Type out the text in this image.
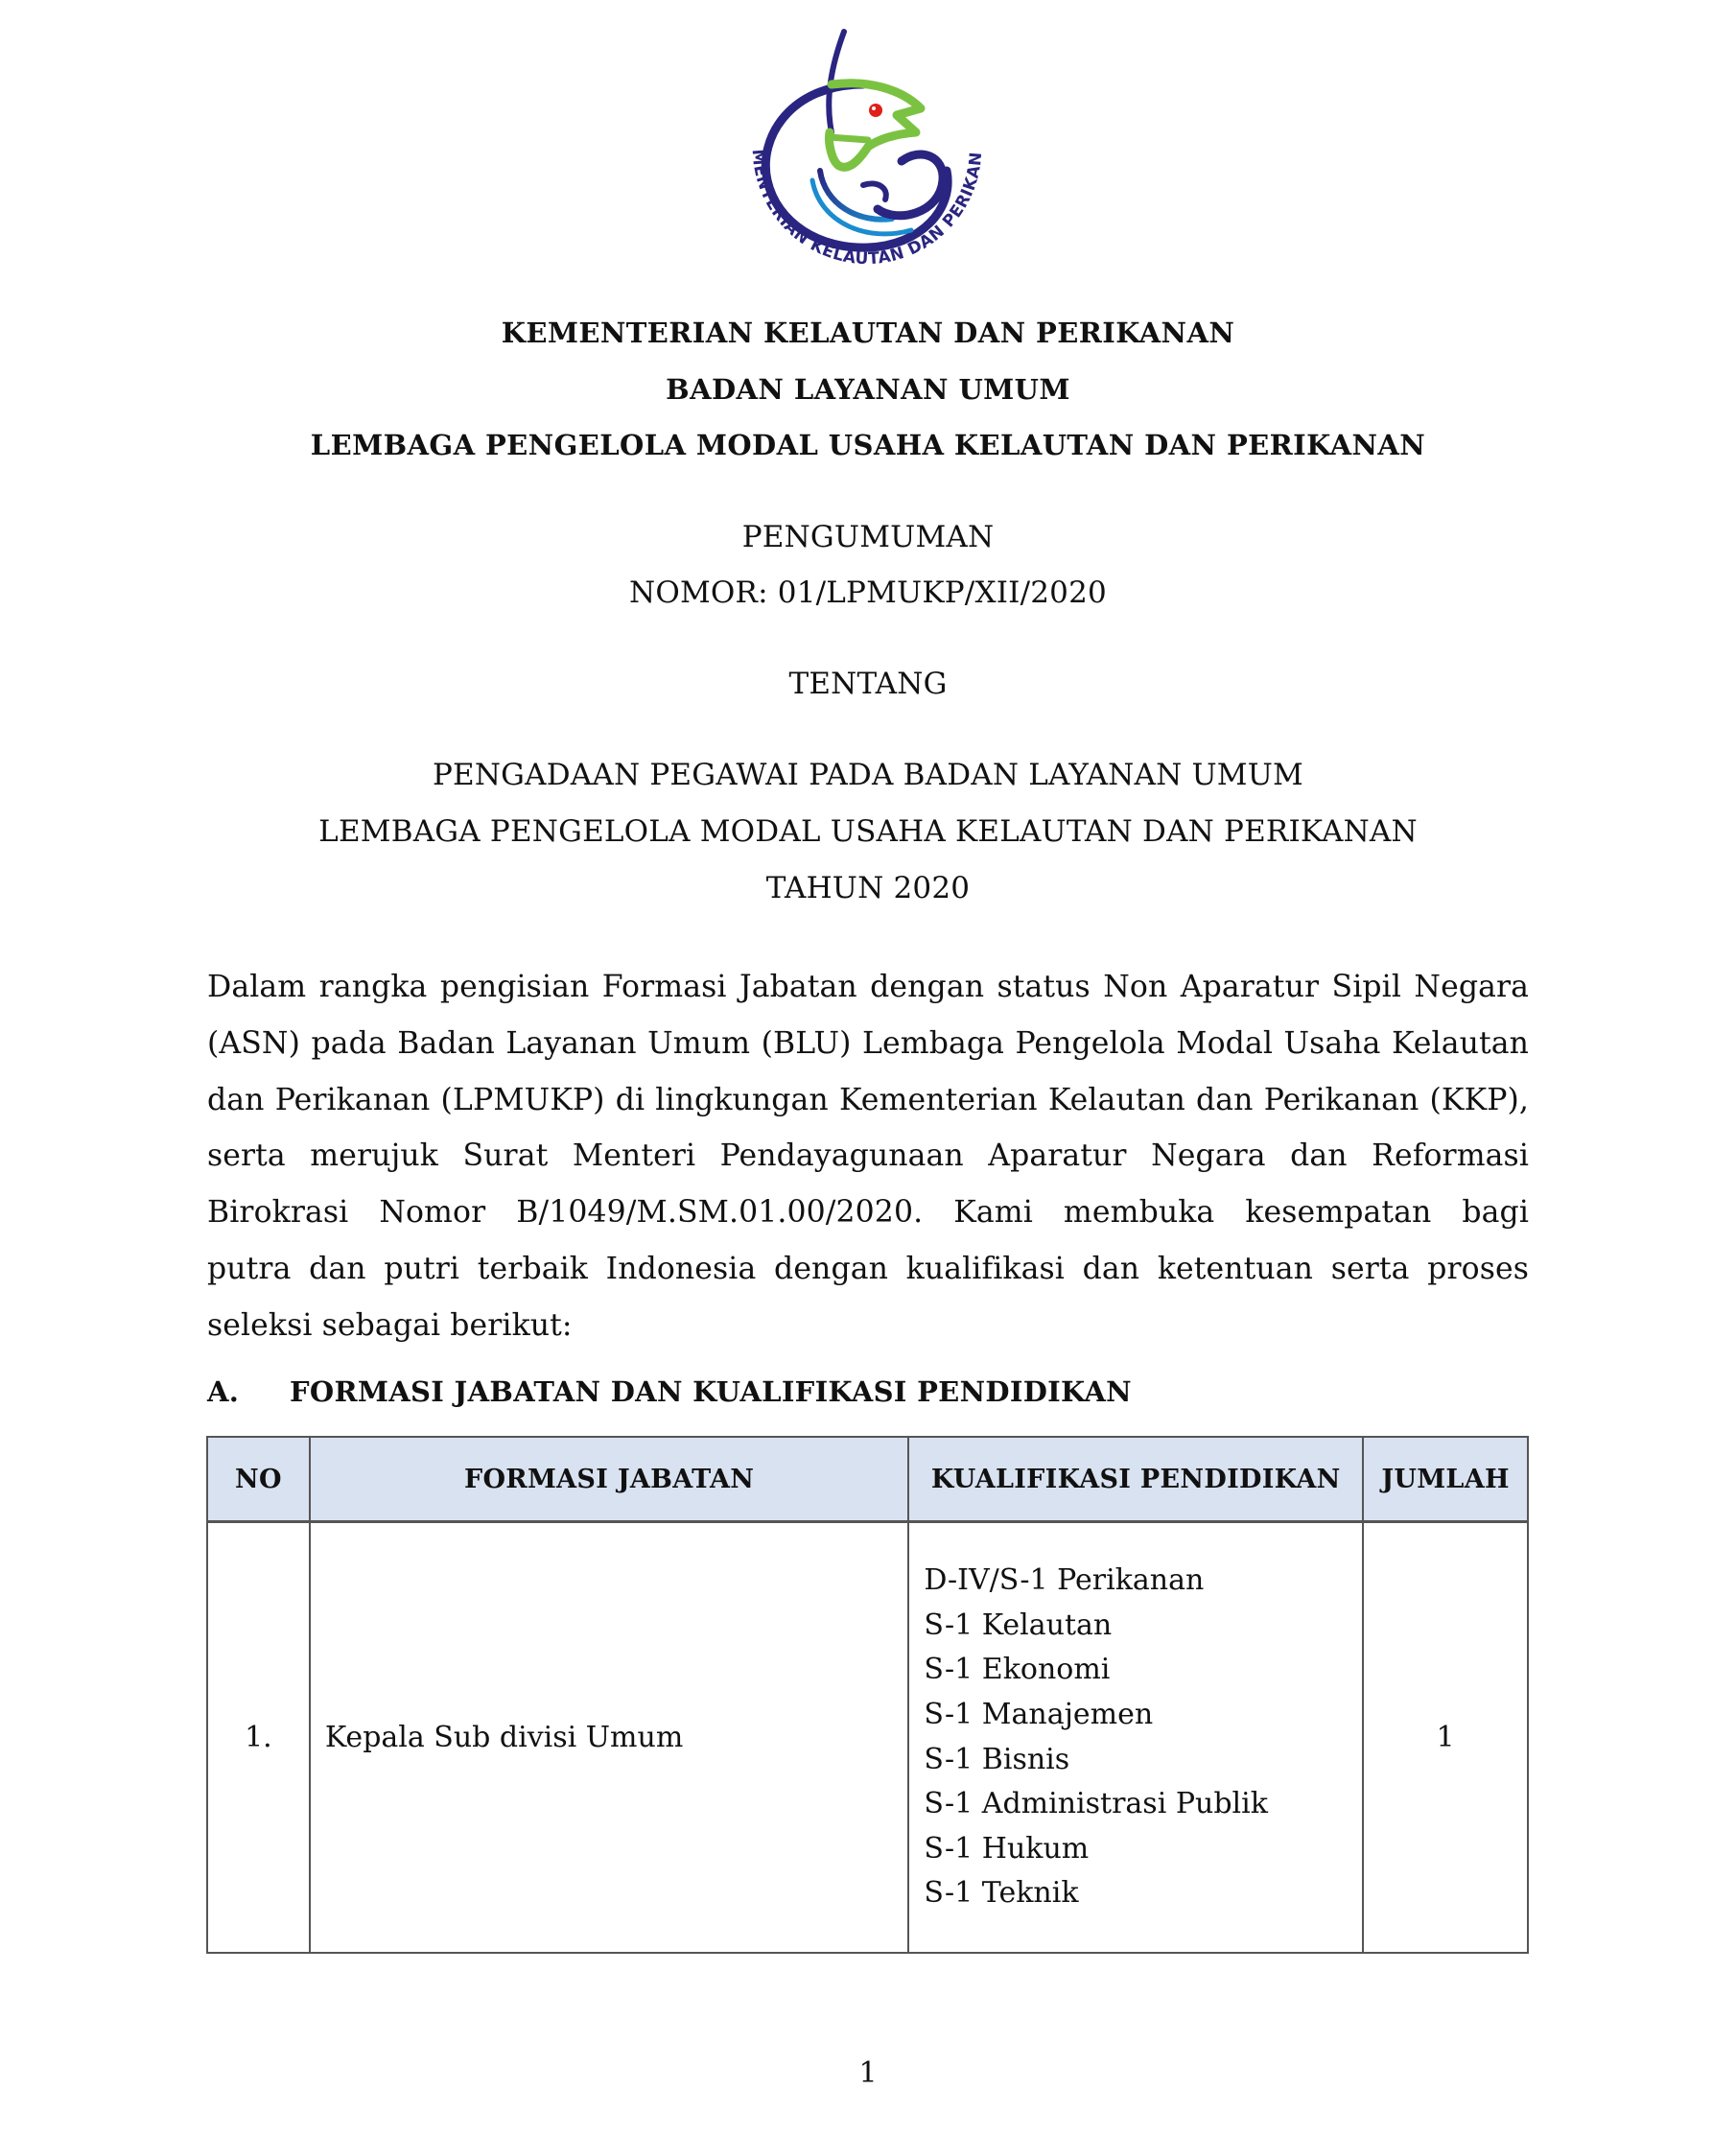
MENTERIAN KELAUTAN DAN PERIKAN
KEMENTERIAN KELAUTAN DAN PERIKANAN
BADAN LAYANAN UMUM
LEMBAGA PENGELOLA MODAL USAHA KELAUTAN DAN PERIKANAN
PENGUMUMAN
NOMOR: 01/LPMUKP/XII/2020
TENTANG
PENGADAAN PEGAWAI PADA BADAN LAYANAN UMUM
LEMBAGA PENGELOLA MODAL USAHA KELAUTAN DAN PERIKANAN
TAHUN 2020
Dalam rangka pengisian Formasi Jabatan dengan status Non Aparatur Sipil Negara
(ASN) pada Badan Layanan Umum (BLU) Lembaga Pengelola Modal Usaha Kelautan
dan Perikanan (LPMUKP) di lingkungan Kementerian Kelautan dan Perikanan (KKP),
serta merujuk Surat Menteri Pendayagunaan Aparatur Negara dan Reformasi
Birokrasi Nomor B/1049/M.SM.01.00/2020. Kami membuka kesempatan bagi
putra dan putri terbaik Indonesia dengan kualifikasi dan ketentuan serta proses
seleksi sebagai berikut:
A. FORMASI JABATAN DAN KUALIFIKASI PENDIDIKAN
NO	FORMASI JABATAN	KUALIFIKASI PENDIDIKAN	JUMLAH
1.	Kepala Sub divisi Umum	
D-IV/S-1 Perikanan
S-1 Kelautan
S-1 Ekonomi
S-1 Manajemen
S-1 Bisnis
S-1 Administrasi Publik
S-1 Hukum
S-1 Teknik
	1
1
